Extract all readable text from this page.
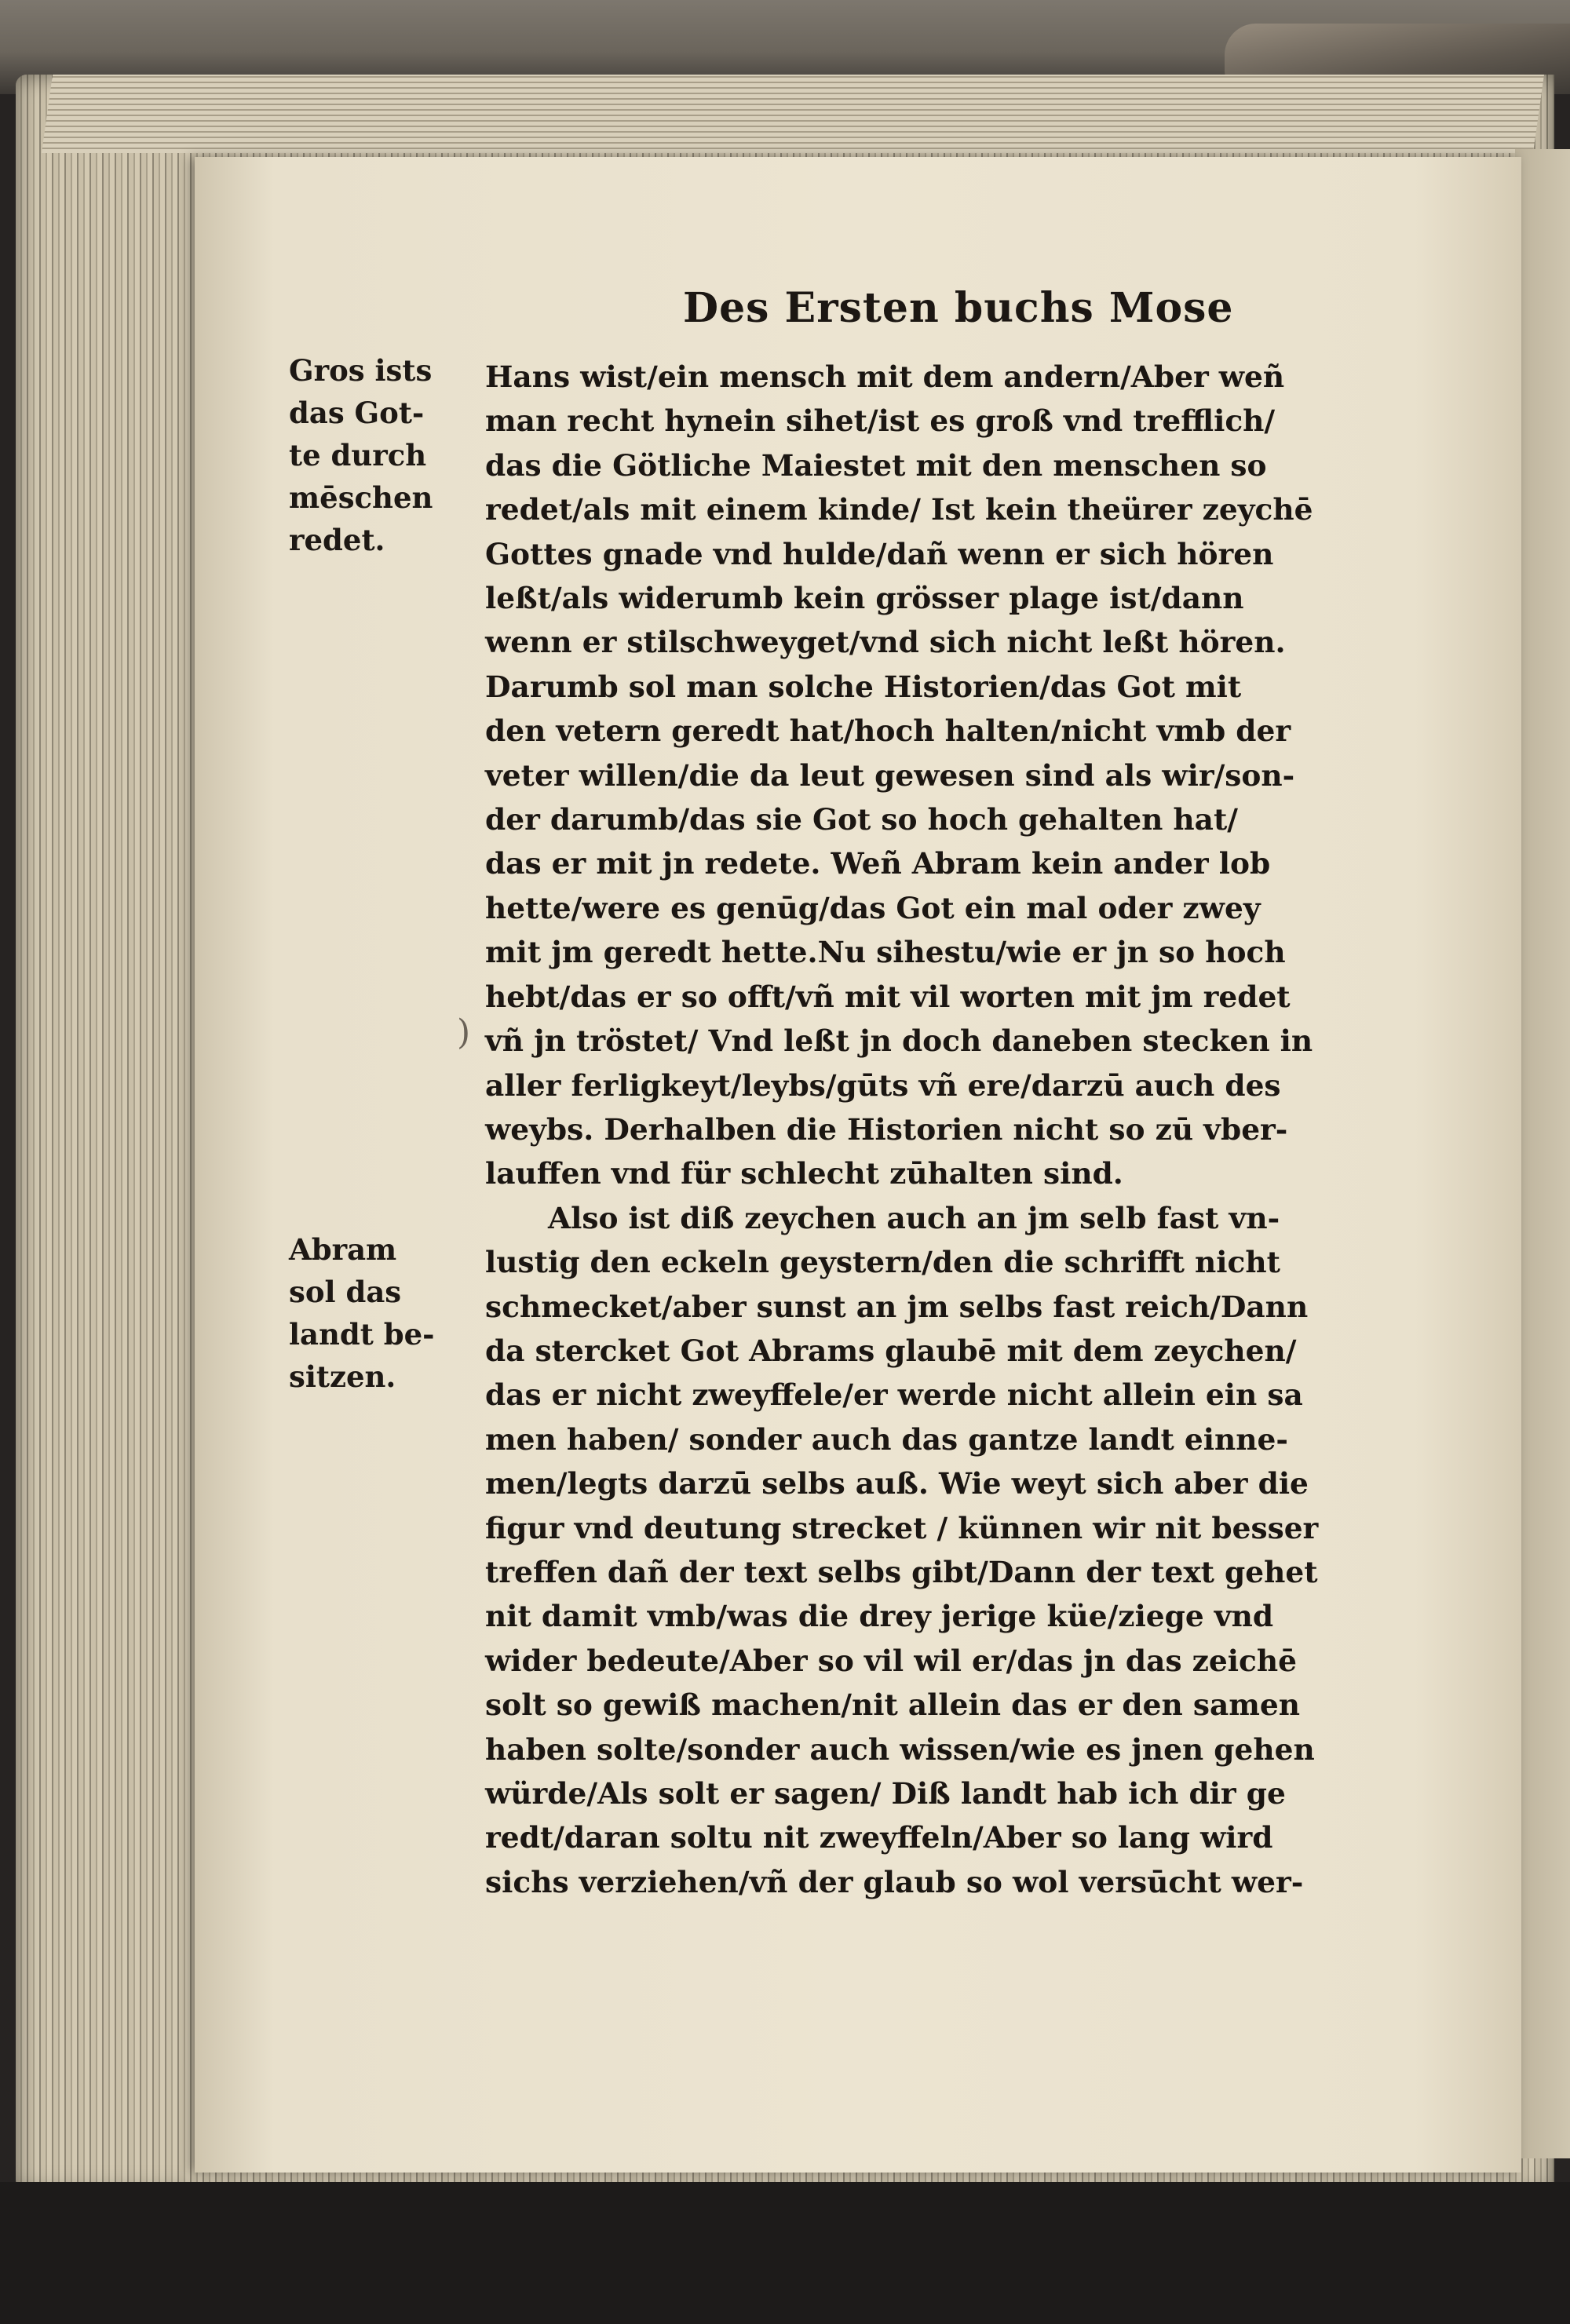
Des Ersten buchs Mose
Gros ists
das Got-
te durch
mēschen
redet.
Abram
sol das
landt be-
sitzen.
)
Hans wist/ein mensch mit dem andern/Aber weñ
man recht hynein sihet/ist es groß vnd trefflich/
das die Götliche Maiestet mit den menschen so
redet/als mit einem kinde/ Ist kein theürer zeychē
Gottes gnade vnd hulde/dañ wenn er sich hören
leßt/als widerumb kein grösser plage ist/dann
wenn er stilschweyget/vnd sich nicht leßt hören.
Darumb sol man solche Historien/das Got mit
den vetern geredt hat/hoch halten/nicht vmb der
veter willen/die da leut gewesen sind als wir/son-
der darumb/das sie Got so hoch gehalten hat/
das er mit jn redete. Weñ Abram kein ander lob
hette/were es genūg/das Got ein mal oder zwey
mit jm geredt hette.Nu sihestu/wie er jn so hoch
hebt/das er so offt/vñ mit vil worten mit jm redet
vñ jn tröstet/ Vnd leßt jn doch daneben stecken in
aller ferligkeyt/leybs/gūts vñ ere/darzū auch des
weybs. Derhalben die Historien nicht so zū vber-
lauffen vnd für schlecht zūhalten sind.
Also ist diß zeychen auch an jm selb fast vn-
lustig den eckeln geystern/den die schrifft nicht
schmecket/aber sunst an jm selbs fast reich/Dann
da stercket Got Abrams glaubē mit dem zeychen/
das er nicht zweyffele/er werde nicht allein ein sa
men haben/ sonder auch das gantze landt einne-
men/legts darzū selbs auß. Wie weyt sich aber die
figur vnd deutung strecket / künnen wir nit besser
treffen dañ der text selbs gibt/Dann der text gehet
nit damit vmb/was die drey jerige küe/ziege vnd
wider bedeute/Aber so vil wil er/das jn das zeichē
solt so gewiß machen/nit allein das er den samen
haben solte/sonder auch wissen/wie es jnen gehen
würde/Als solt er sagen/ Diß landt hab ich dir ge
redt/daran soltu nit zweyffeln/Aber so lang wird
sichs verziehen/vñ der glaub so wol versūcht wer-
